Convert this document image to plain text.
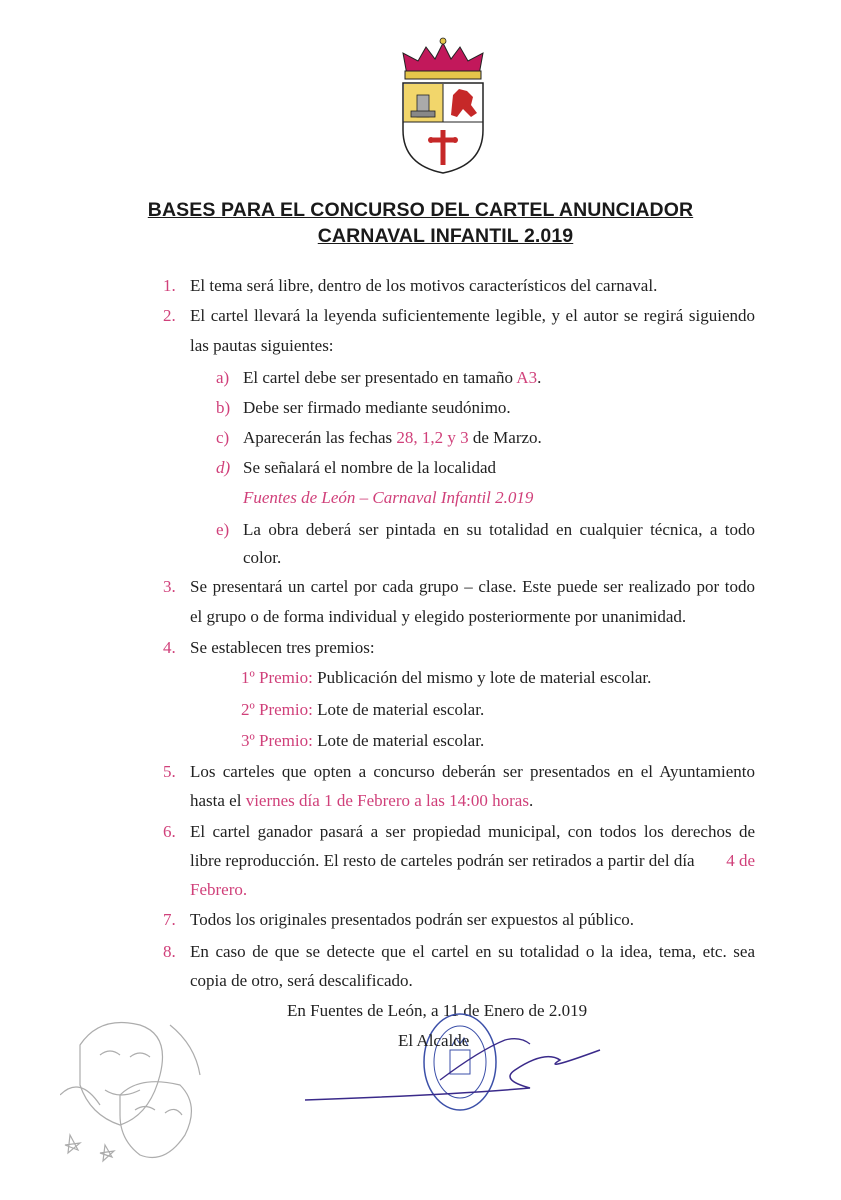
BASES PARA EL CONCURSO DEL CARTEL ANUNCIADOR
CARNAVAL INFANTIL 2.019
1. El tema será libre, dentro de los motivos característicos del carnaval.
2. El cartel llevará la leyenda suficientemente legible, y el autor se regirá siguiendo
las pautas siguientes:
a) El cartel debe ser presentado en tamaño A3.
b) Debe ser firmado mediante seudónimo.
c) Aparecerán las fechas 28, 1,2 y 3 de Marzo.
d) Se señalará el nombre de la localidad
Fuentes de León – Carnaval Infantil 2.019
e) La obra deberá ser pintada en su totalidad en cualquier técnica, a todo
color.
3. Se presentará un cartel por cada grupo – clase. Este puede ser realizado por todo
el grupo o de forma individual y elegido posteriormente por unanimidad.
4. Se establecen tres premios:
1º Premio: Publicación del mismo y lote de material escolar.
2º Premio: Lote de material escolar.
3º Premio: Lote de material escolar.
5. Los carteles que opten a concurso deberán ser presentados en el Ayuntamiento
hasta el viernes día 1 de Febrero a las 14:00 horas.
6. El cartel ganador pasará a ser propiedad municipal, con todos los derechos de
libre reproducción. El resto de carteles podrán ser retirados a partir del día 4 de
Febrero.
7. Todos los originales presentados podrán ser expuestos al público.
8. En caso de que se detecte que el cartel en su totalidad o la idea, tema, etc. sea
copia de otro, será descalificado.
En Fuentes de León, a 11 de Enero de 2.019
El Alcalde
